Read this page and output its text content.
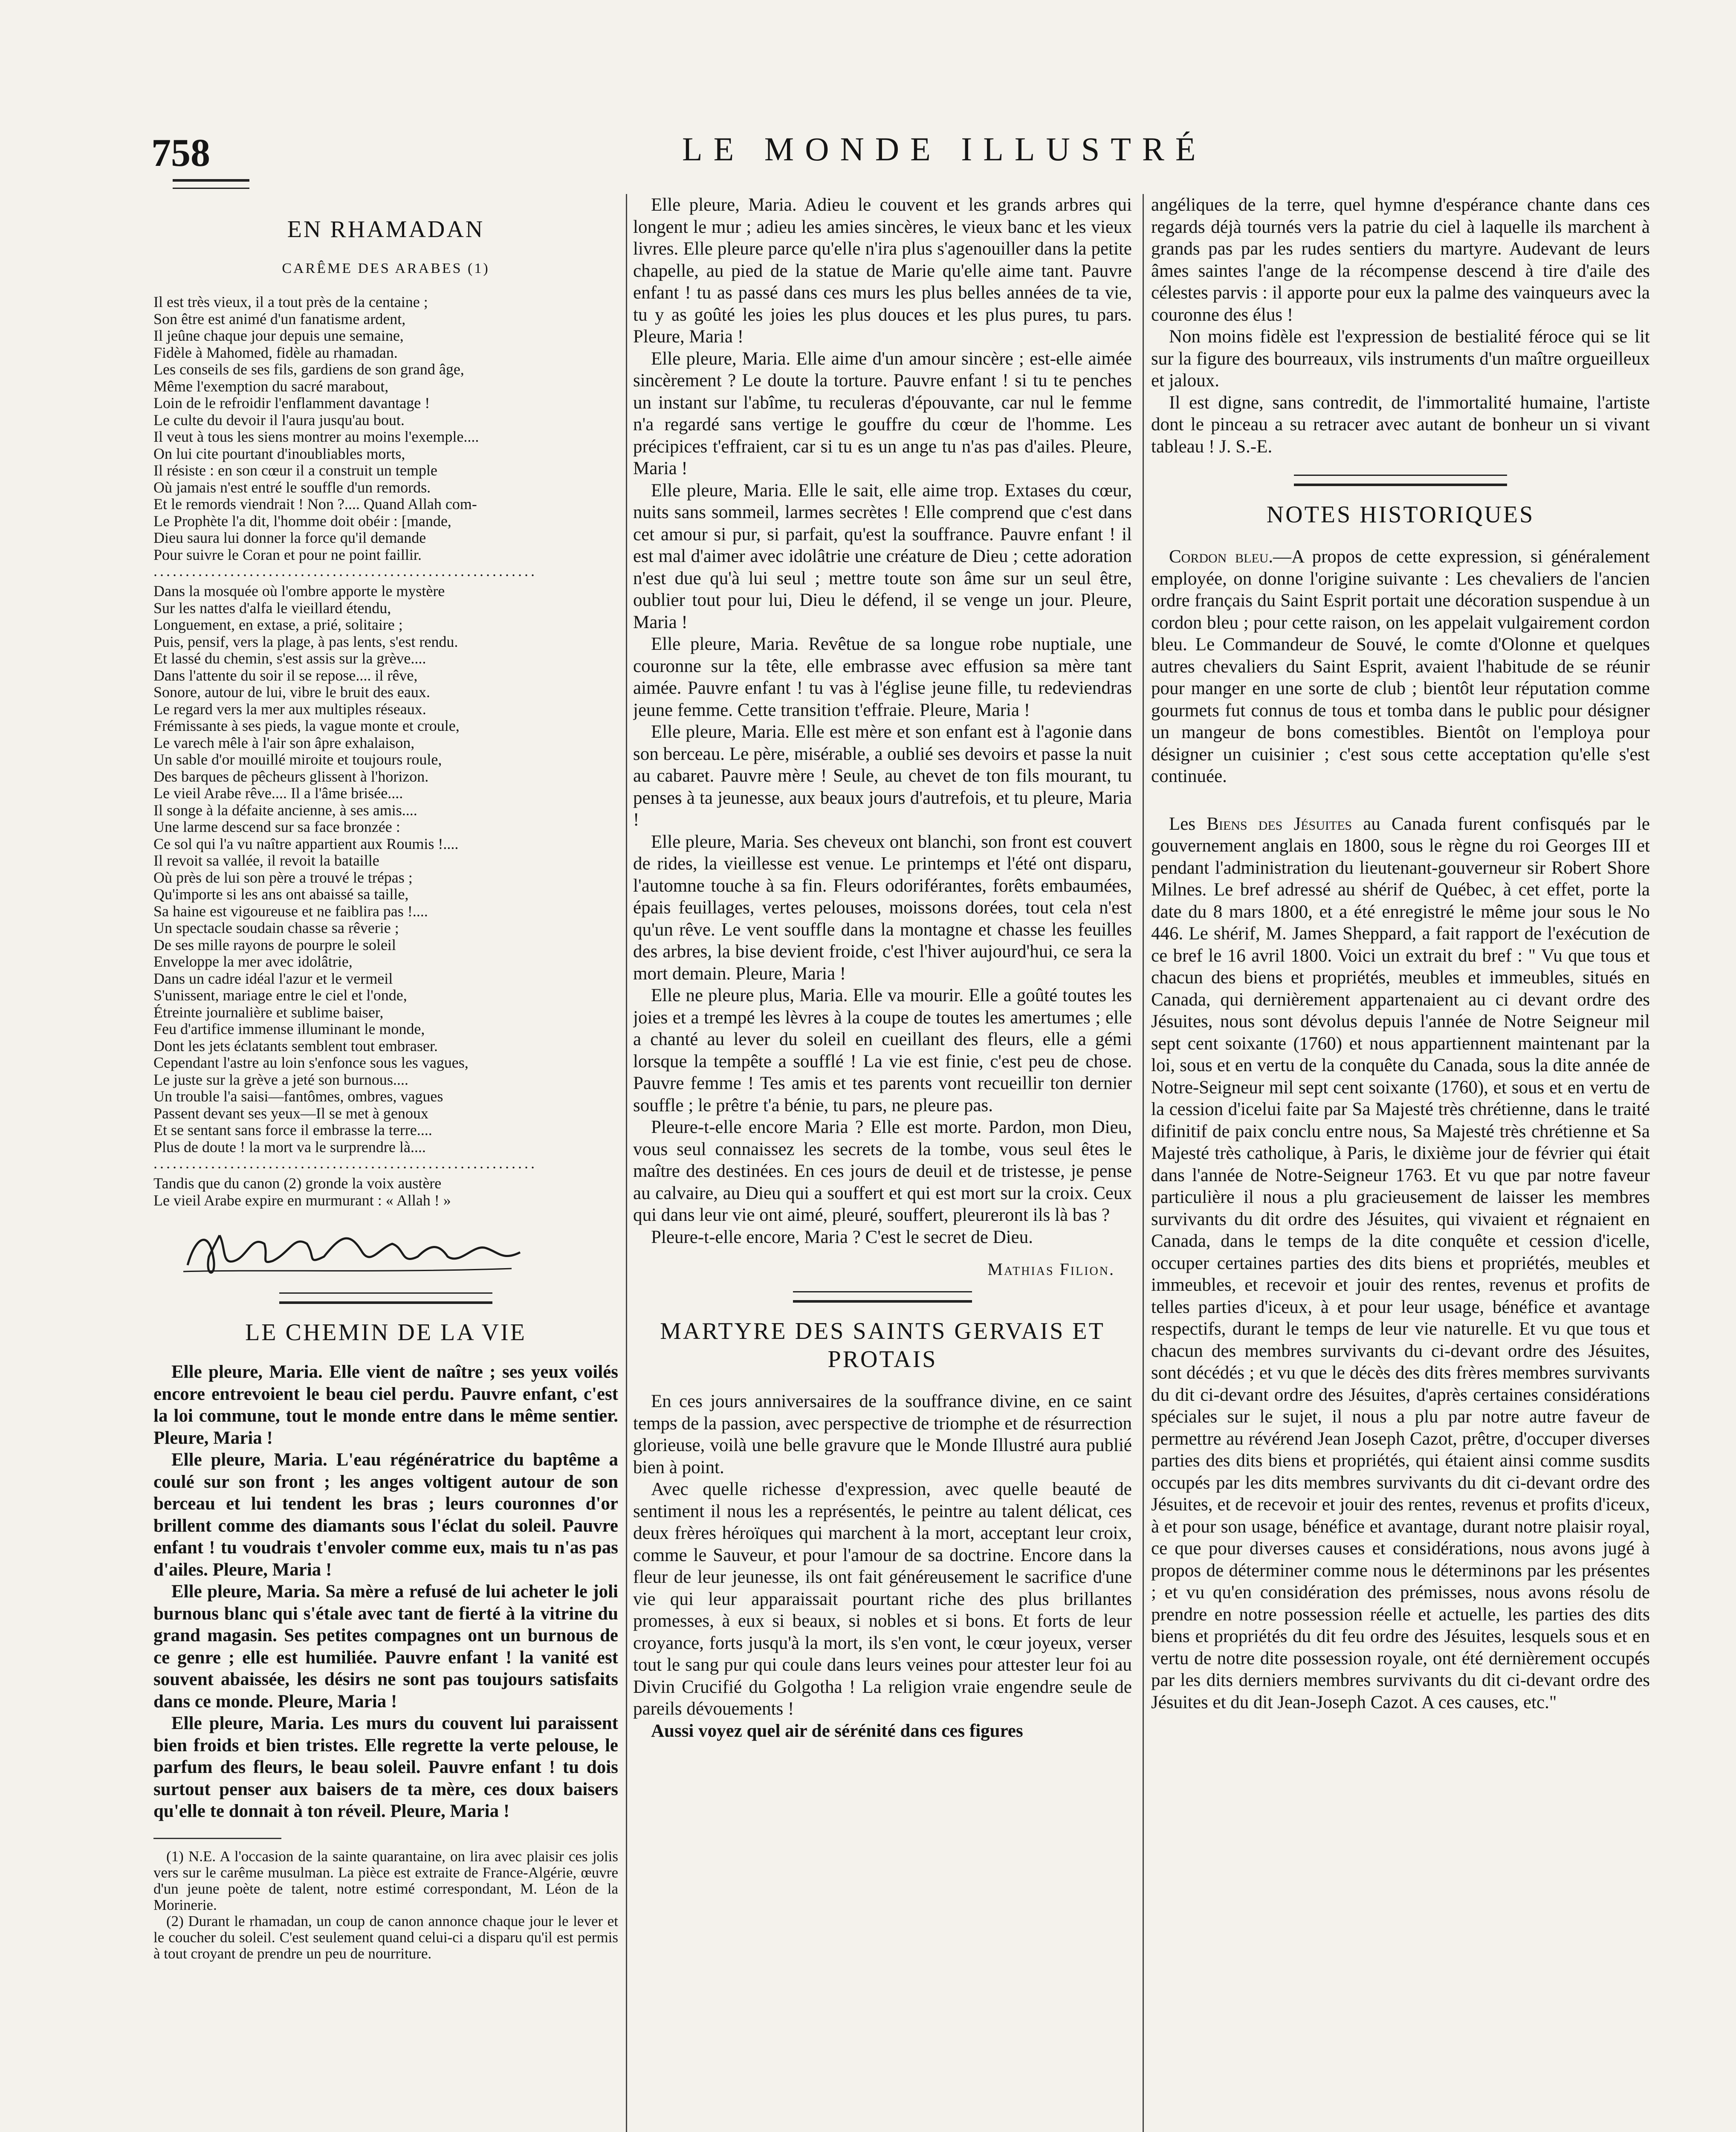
758	LE MONDE ILLUSTRÉ
EN RHAMADAN
CARÊME DES ARABES (1)
Il est très vieux, il a tout près de la centaine ;
Son être est animé d'un fanatisme ardent,
Il jeûne chaque jour depuis une semaine,
Fidèle à Mahomed, fidèle au rhamadan.
Les conseils de ses fils, gardiens de son grand âge,
Même l'exemption du sacré marabout,
Loin de le refroidir l'enflamment davantage !
Le culte du devoir il l'aura jusqu'au bout.
Il veut à tous les siens montrer au moins l'exemple....
On lui cite pourtant d'inoubliables morts,
Il résiste : en son cœur il a construit un temple
Où jamais n'est entré le souffle d'un remords.
Et le remords viendrait ! Non ?.... Quand Allah com-
Le Prophète l'a dit, l'homme doit obéir : [mande,
Dieu saura lui donner la force qu'il demande
Pour suivre le Coran et pour ne point faillir.
............................................................
Dans la mosquée où l'ombre apporte le mystère
Sur les nattes d'alfa le vieillard étendu,
Longuement, en extase, a prié, solitaire ;
Puis, pensif, vers la plage, à pas lents, s'est rendu.
Et lassé du chemin, s'est assis sur la grève....
Dans l'attente du soir il se repose.... il rêve,
Sonore, autour de lui, vibre le bruit des eaux.
Le regard vers la mer aux multiples réseaux.
Frémissante à ses pieds, la vague monte et croule,
Le varech mêle à l'air son âpre exhalaison,
Un sable d'or mouillé miroite et toujours roule,
Des barques de pêcheurs glissent à l'horizon.
Le vieil Arabe rêve.... Il a l'âme brisée....
Il songe à la défaite ancienne, à ses amis....
Une larme descend sur sa face bronzée :
Ce sol qui l'a vu naître appartient aux Roumis !....
Il revoit sa vallée, il revoit la bataille
Où près de lui son père a trouvé le trépas ;
Qu'importe si les ans ont abaissé sa taille,
Sa haine est vigoureuse et ne faiblira pas !....
Un spectacle soudain chasse sa rêverie ;
De ses mille rayons de pourpre le soleil
Enveloppe la mer avec idolâtrie,
Dans un cadre idéal l'azur et le vermeil
S'unissent, mariage entre le ciel et l'onde,
Étreinte journalière et sublime baiser,
Feu d'artifice immense illuminant le monde,
Dont les jets éclatants semblent tout embraser.
Cependant l'astre au loin s'enfonce sous les vagues,
Le juste sur la grève a jeté son burnous....
Un trouble l'a saisi—fantômes, ombres, vagues
Passent devant ses yeux—Il se met à genoux
Et se sentant sans force il embrasse la terre....
Plus de doute ! la mort va le surprendre là....
............................................................
Tandis que du canon (2) gronde la voix austère
Le vieil Arabe expire en murmurant : « Allah ! »
LE CHEMIN DE LA VIE

Elle pleure, Maria. Elle vient de naître ; ses yeux voilés encore entrevoient le beau ciel perdu. Pauvre enfant, c'est la loi commune, tout le monde entre dans le même sentier. Pleure, Maria !

Elle pleure, Maria. L'eau régénératrice du baptême a coulé sur son front ; les anges voltigent autour de son berceau et lui tendent les bras ; leurs couronnes d'or brillent comme des diamants sous l'éclat du soleil. Pauvre enfant ! tu voudrais t'envoler comme eux, mais tu n'as pas d'ailes. Pleure, Maria !

Elle pleure, Maria. Sa mère a refusé de lui acheter le joli burnous blanc qui s'étale avec tant de fierté à la vitrine du grand magasin. Ses petites compagnes ont un burnous de ce genre ; elle est humiliée. Pauvre enfant ! la vanité est souvent abaissée, les désirs ne sont pas toujours satisfaits dans ce monde. Pleure, Maria !

Elle pleure, Maria. Les murs du couvent lui paraissent bien froids et bien tristes. Elle regrette la verte pelouse, le parfum des fleurs, le beau soleil. Pauvre enfant ! tu dois surtout penser aux baisers de ta mère, ces doux baisers qu'elle te donnait à ton réveil. Pleure, Maria !

(1) N.E. A l'occasion de la sainte quarantaine, on lira avec plaisir ces jolis vers sur le carême musulman. La pièce est extraite de France-Algérie, œuvre d'un jeune poète de talent, notre estimé correspondant, M. Léon de la Morinerie.

(2) Durant le rhamadan, un coup de canon annonce chaque jour le lever et le coucher du soleil. C'est seulement quand celui-ci a disparu qu'il est permis à tout croyant de prendre un peu de nourriture.

Elle pleure, Maria. Adieu le couvent et les grands arbres qui longent le mur ; adieu les amies sincères, le vieux banc et les vieux livres. Elle pleure parce qu'elle n'ira plus s'agenouiller dans la petite chapelle, au pied de la statue de Marie qu'elle aime tant. Pauvre enfant ! tu as passé dans ces murs les plus belles années de ta vie, tu y as goûté les joies les plus douces et les plus pures, tu pars. Pleure, Maria !

Elle pleure, Maria. Elle aime d'un amour sincère ; est-elle aimée sincèrement ? Le doute la torture. Pauvre enfant ! si tu te penches un instant sur l'abîme, tu reculeras d'épouvante, car nul le femme n'a regardé sans vertige le gouffre du cœur de l'homme. Les précipices t'effraient, car si tu es un ange tu n'as pas d'ailes. Pleure, Maria !

Elle pleure, Maria. Elle le sait, elle aime trop. Extases du cœur, nuits sans sommeil, larmes secrètes ! Elle comprend que c'est dans cet amour si pur, si parfait, qu'est la souffrance. Pauvre enfant ! il est mal d'aimer avec idolâtrie une créature de Dieu ; cette adoration n'est due qu'à lui seul ; mettre toute son âme sur un seul être, oublier tout pour lui, Dieu le défend, il se venge un jour. Pleure, Maria !

Elle pleure, Maria. Revêtue de sa longue robe nuptiale, une couronne sur la tête, elle embrasse avec effusion sa mère tant aimée. Pauvre enfant ! tu vas à l'église jeune fille, tu redeviendras jeune femme. Cette transition t'effraie. Pleure, Maria !

Elle pleure, Maria. Elle est mère et son enfant est à l'agonie dans son berceau. Le père, misérable, a oublié ses devoirs et passe la nuit au cabaret. Pauvre mère ! Seule, au chevet de ton fils mourant, tu penses à ta jeunesse, aux beaux jours d'autrefois, et tu pleure, Maria !

Elle pleure, Maria. Ses cheveux ont blanchi, son front est couvert de rides, la vieillesse est venue. Le printemps et l'été ont disparu, l'automne touche à sa fin. Fleurs odoriférantes, forêts embaumées, épais feuillages, vertes pelouses, moissons dorées, tout cela n'est qu'un rêve. Le vent souffle dans la montagne et chasse les feuilles des arbres, la bise devient froide, c'est l'hiver aujourd'hui, ce sera la mort demain. Pleure, Maria !

Elle ne pleure plus, Maria. Elle va mourir. Elle a goûté toutes les joies et a trempé les lèvres à la coupe de toutes les amertumes ; elle a chanté au lever du soleil en cueillant des fleurs, elle a gémi lorsque la tempête a soufflé ! La vie est finie, c'est peu de chose. Pauvre femme ! Tes amis et tes parents vont recueillir ton dernier souffle ; le prêtre t'a bénie, tu pars, ne pleure pas.

Pleure-t-elle encore Maria ? Elle est morte. Pardon, mon Dieu, vous seul connaissez les secrets de la tombe, vous seul êtes le maître des destinées. En ces jours de deuil et de tristesse, je pense au calvaire, au Dieu qui a souffert et qui est mort sur la croix. Ceux qui dans leur vie ont aimé, pleuré, souffert, pleureront ils là bas ?

Pleure-t-elle encore, Maria ? C'est le secret de Dieu.

Mathias Filion.
MARTYRE DES SAINTS GERVAIS ET PROTAIS

En ces jours anniversaires de la souffrance divine, en ce saint temps de la passion, avec perspective de triomphe et de résurrection glorieuse, voilà une belle gravure que le Monde Illustré aura publié bien à point.

Avec quelle richesse d'expression, avec quelle beauté de sentiment il nous les a représentés, le peintre au talent délicat, ces deux frères héroïques qui marchent à la mort, acceptant leur croix, comme le Sauveur, et pour l'amour de sa doctrine. Encore dans la fleur de leur jeunesse, ils ont fait généreusement le sacrifice d'une vie qui leur apparaissait pourtant riche des plus brillantes promesses, à eux si beaux, si nobles et si bons. Et forts de leur croyance, forts jusqu'à la mort, ils s'en vont, le cœur joyeux, verser tout le sang pur qui coule dans leurs veines pour attester leur foi au Divin Crucifié du Golgotha ! La religion vraie engendre seule de pareils dévouements !

Aussi voyez quel air de sérénité dans ces figures

angéliques de la terre, quel hymne d'espérance chante dans ces regards déjà tournés vers la patrie du ciel à laquelle ils marchent à grands pas par les rudes sentiers du martyre. Audevant de leurs âmes saintes l'ange de la récompense descend à tire d'aile des célestes parvis : il apporte pour eux la palme des vainqueurs avec la couronne des élus !

Non moins fidèle est l'expression de bestialité féroce qui se lit sur la figure des bourreaux, vils instruments d'un maître orgueilleux et jaloux.

Il est digne, sans contredit, de l'immortalité humaine, l'artiste dont le pinceau a su retracer avec autant de bonheur un si vivant tableau ! J. S.-E.

NOTES HISTORIQUES

Cordon bleu.—A propos de cette expression, si généralement employée, on donne l'origine suivante : Les chevaliers de l'ancien ordre français du Saint Esprit portait une décoration suspendue à un cordon bleu ; pour cette raison, on les appelait vulgairement cordon bleu. Le Commandeur de Souvé, le comte d'Olonne et quelques autres chevaliers du Saint Esprit, avaient l'habitude de se réunir pour manger en une sorte de club ; bientôt leur réputation comme gourmets fut connus de tous et tomba dans le public pour désigner un mangeur de bons comestibles. Bientôt on l'employa pour désigner un cuisinier ; c'est sous cette acceptation qu'elle s'est continuée.

Les Biens des Jésuites au Canada furent confisqués par le gouvernement anglais en 1800, sous le règne du roi Georges III et pendant l'administration du lieutenant-gouverneur sir Robert Shore Milnes. Le bref adressé au shérif de Québec, à cet effet, porte la date du 8 mars 1800, et a été enregistré le même jour sous le No 446. Le shérif, M. James Sheppard, a fait rapport de l'exécution de ce bref le 16 avril 1800. Voici un extrait du bref : " Vu que tous et chacun des biens et propriétés, meubles et immeubles, situés en Canada, qui dernièrement appartenaient au ci devant ordre des Jésuites, nous sont dévolus depuis l'année de Notre Seigneur mil sept cent soixante (1760) et nous appartiennent maintenant par la loi, sous et en vertu de la conquête du Canada, sous la dite année de Notre-Seigneur mil sept cent soixante (1760), et sous et en vertu de la cession d'icelui faite par Sa Majesté très chrétienne, dans le traité difinitif de paix conclu entre nous, Sa Majesté très chrétienne et Sa Majesté très catholique, à Paris, le dixième jour de février qui était dans l'année de Notre-Seigneur 1763. Et vu que par notre faveur particulière il nous a plu gracieusement de laisser les membres survivants du dit ordre des Jésuites, qui vivaient et régnaient en Canada, dans le temps de la dite conquête et cession d'icelle, occuper certaines parties des dits biens et propriétés, meubles et immeubles, et recevoir et jouir des rentes, revenus et profits de telles parties d'iceux, à et pour leur usage, bénéfice et avantage respectifs, durant le temps de leur vie naturelle. Et vu que tous et chacun des membres survivants du ci-devant ordre des Jésuites, sont décédés ; et vu que le décès des dits frères membres survivants du dit ci-devant ordre des Jésuites, d'après certaines considérations spéciales sur le sujet, il nous a plu par notre autre faveur de permettre au révérend Jean Joseph Cazot, prêtre, d'occuper diverses parties des dits biens et propriétés, qui étaient ainsi comme susdits occupés par les dits membres survivants du dit ci-devant ordre des Jésuites, et de recevoir et jouir des rentes, revenus et profits d'iceux, à et pour son usage, bénéfice et avantage, durant notre plaisir royal, ce que pour diverses causes et considérations, nous avons jugé à propos de déterminer comme nous le déterminons par les présentes ; et vu qu'en considération des prémisses, nous avons résolu de prendre en notre possession réelle et actuelle, les parties des dits biens et propriétés du dit feu ordre des Jésuites, lesquels sous et en vertu de notre dite possession royale, ont été dernièrement occupés par les dits derniers membres survivants du dit ci-devant ordre des Jésuites et du dit Jean-Joseph Cazot. A ces causes, etc."
